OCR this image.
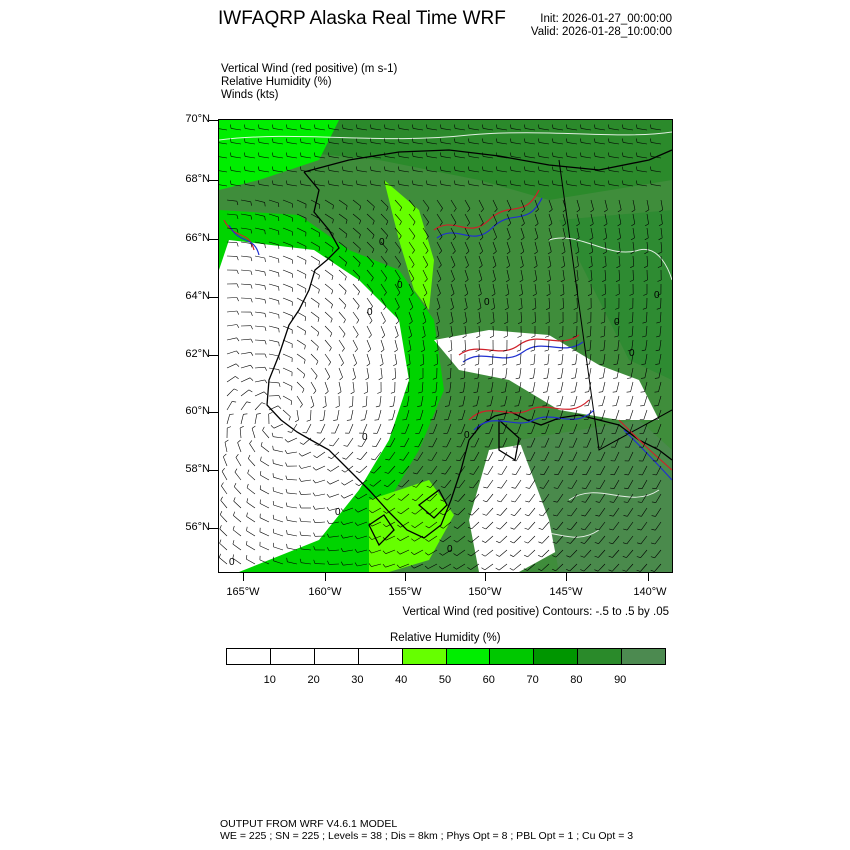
IWFAQRP Alaska Real Time WRF	Init: 2026-01-27_00:00:00
Valid: 2026-01-28_10:00:00
Vertical Wind (red positive) (m s-1)
Relative Humidity (%)
Winds (kts)
0
0
0
0
0
0
0
0
0
0
0
0
70°N
68°N
66°N
64°N
62°N
60°N
58°N
56°N
165°W	160°W	155°W	150°W	145°W	140°W
Vertical Wind (red positive) Contours: -.5 to .5 by .05
Relative Humidity (%)
10	20	30	40	50	60	70	80	90
OUTPUT FROM WRF V4.6.1 MODEL
WE = 225 ; SN = 225 ; Levels = 38 ; Dis = 8km ; Phys Opt = 8 ; PBL Opt = 1 ; Cu Opt = 3
